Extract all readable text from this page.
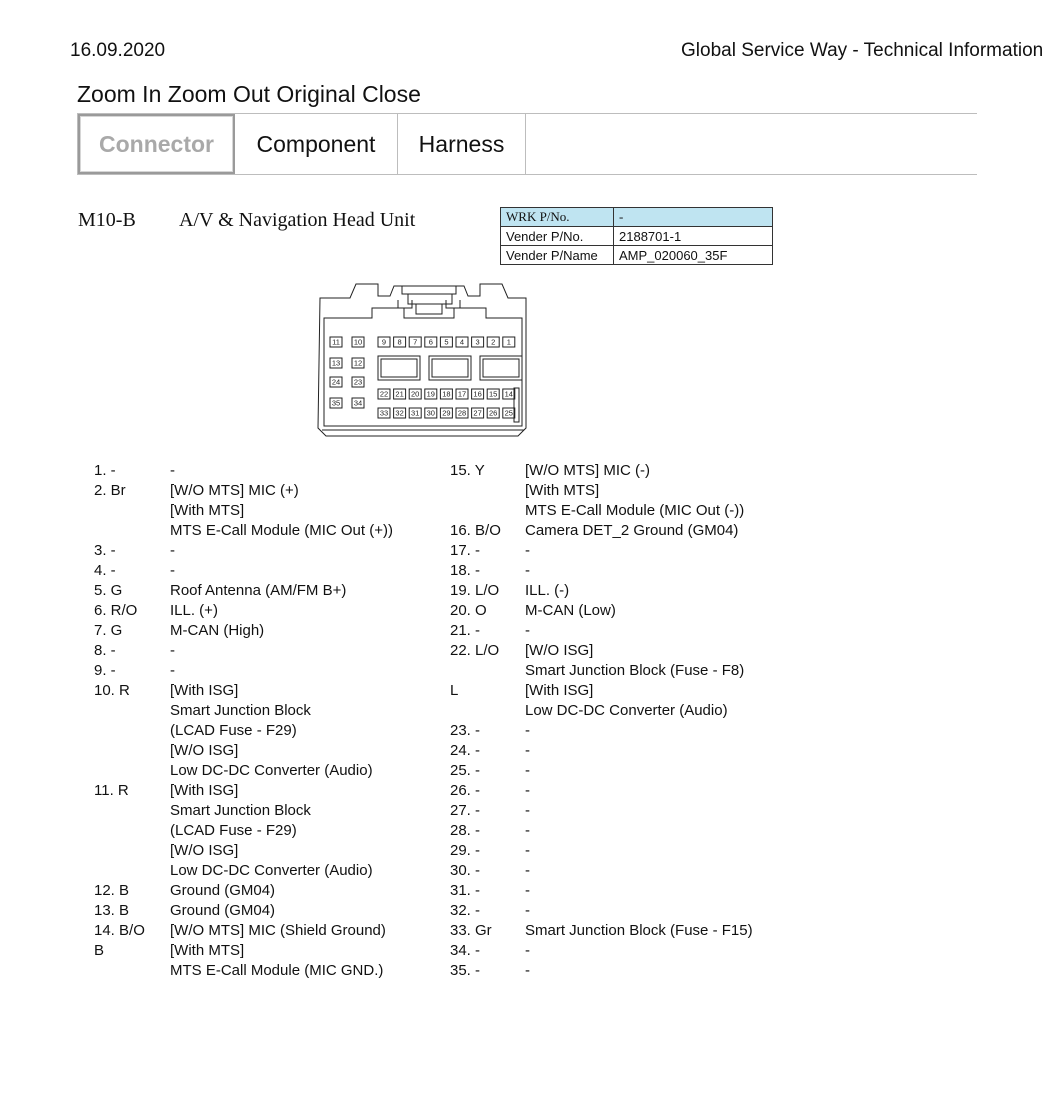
16.09.2020	Global Service Way - Technical Information
Zoom In Zoom Out Original Close
Connector	Component	Harness
M10-B A/V & Navigation Head Unit	WRK P/No.	-
Vender P/No.	2188701-1
Vender P/Name	AMP_020060_35F
11 10	9 8 7 6 5 4 3 2 1
13 12
24 23
22 21 20 19 18 17 16 15 14
35 34
33 32 31 30 29 28 27 26 25
1. -	-
2. Br	[W/O MTS] MIC (+)
[With MTS]
MTS E-Call Module (MIC Out (+))
3. -	-
4. -	-
5. G	Roof Antenna (AM/FM B+)
6. R/O	ILL. (+)
7. G	M-CAN (High)
8. -	-
9. -	-
10. R	[With ISG]
Smart Junction Block
(LCAD Fuse - F29)
[W/O ISG]
Low DC-DC Converter (Audio)
11. R	[With ISG]
Smart Junction Block
(LCAD Fuse - F29)
[W/O ISG]
Low DC-DC Converter (Audio)
12. B	Ground (GM04)
13. B	Ground (GM04)
14. B/O	[W/O MTS] MIC (Shield Ground)
B	[With MTS]
MTS E-Call Module (MIC GND.)
15. Y	[W/O MTS] MIC (-)
[With MTS]
MTS E-Call Module (MIC Out (-))
16. B/O	Camera DET_2 Ground (GM04)
17. -	-
18. -	-
19. L/O	ILL. (-)
20. O	M-CAN (Low)
21. -	-
22. L/O	[W/O ISG]
Smart Junction Block (Fuse - F8)
L	[With ISG]
Low DC-DC Converter (Audio)
23. -	-
24. -	-
25. -	-
26. -	-
27. -	-
28. -	-
29. -	-
30. -	-
31. -	-
32. -	-
33. Gr	Smart Junction Block (Fuse - F15)
34. -	-
35. -	-
